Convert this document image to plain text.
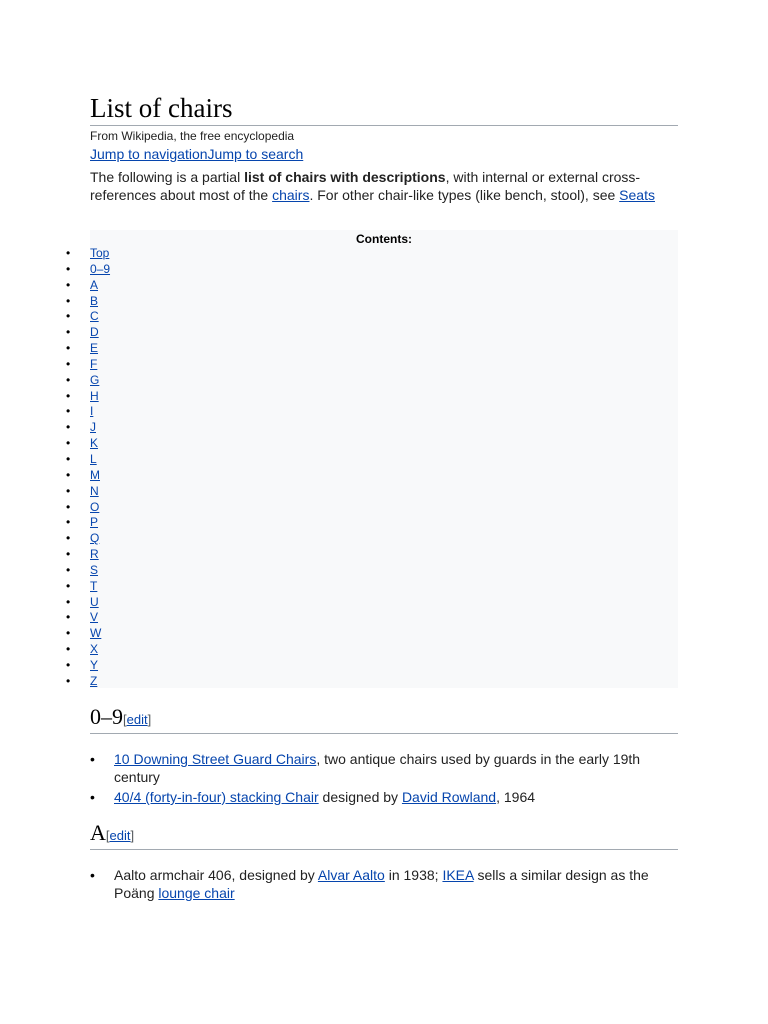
List of chairs
From Wikipedia, the free encyclopedia
Jump to navigationJump to search
The following is a partial list of chairs with descriptions, with internal or external cross-references about most of the chairs. For other chair-like types (like bench, stool), see Seats
Contents:
• Top
• 0–9
• A
• B
• C
• D
• E
• F
• G
• H
• I
• J
• K
• L
• M
• N
• O
• P
• Q
• R
• S
• T
• U
• V
• W
• X
• Y
• Z
0–9[edit]
• 10 Downing Street Guard Chairs, two antique chairs used by guards in the early 19th century
• 40/4 (forty-in-four) stacking Chair designed by David Rowland, 1964
A[edit]
• Aalto armchair 406, designed by Alvar Aalto in 1938; IKEA sells a similar design as the Poäng lounge chair
